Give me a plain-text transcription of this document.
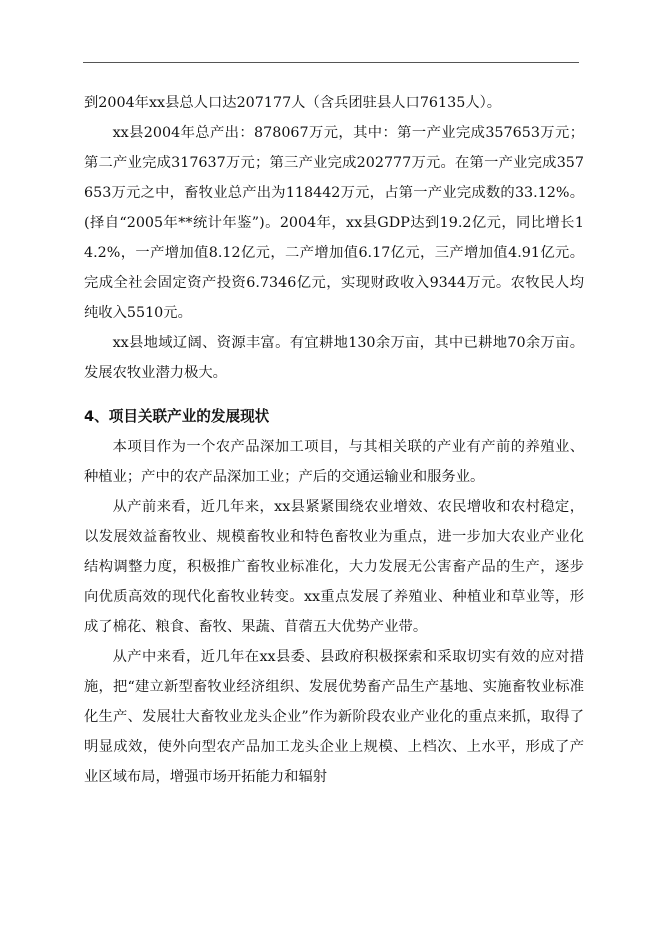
到2004年xx县总人口达207177人（含兵团驻县人口76135人）。

xx县2004年总产出：878067万元，其中：第一产业完成357653万元；第二产业完成317637万元；第三产业完成202777万元。在第一产业完成357653万元之中，畜牧业总产出为118442万元，占第一产业完成数的33.12%。(择自“2005年**统计年鉴”)。2004年，xx县GDP达到19.2亿元，同比增长14.2%，一产增加值8.12亿元，二产增加值6.17亿元，三产增加值4.91亿元。完成全社会固定资产投资6.7346亿元，实现财政收入9344万元。农牧民人均纯收入5510元。

xx县地域辽阔、资源丰富。有宜耕地130余万亩，其中已耕地70余万亩。发展农牧业潜力极大。

4、项目关联产业的发展现状

本项目作为一个农产品深加工项目，与其相关联的产业有产前的养殖业、种植业；产中的农产品深加工业；产后的交通运输业和服务业。

从产前来看，近几年来，xx县紧紧围绕农业增效、农民增收和农村稳定，以发展效益畜牧业、规模畜牧业和特色畜牧业为重点，进一步加大农业产业化结构调整力度，积极推广畜牧业标准化，大力发展无公害畜产品的生产，逐步向优质高效的现代化畜牧业转变。xx重点发展了养殖业、种植业和草业等，形成了棉花、粮食、畜牧、果蔬、苜蓿五大优势产业带。

从产中来看，近几年在xx县委、县政府积极探索和采取切实有效的应对措施，把“建立新型畜牧业经济组织、发展优势畜产品生产基地、实施畜牧业标准化生产、发展壮大畜牧业龙头企业”作为新阶段农业产业化的重点来抓，取得了明显成效，使外向型农产品加工龙头企业上规模、上档次、上水平，形成了产业区域布局，增强市场开拓能力和辐射
